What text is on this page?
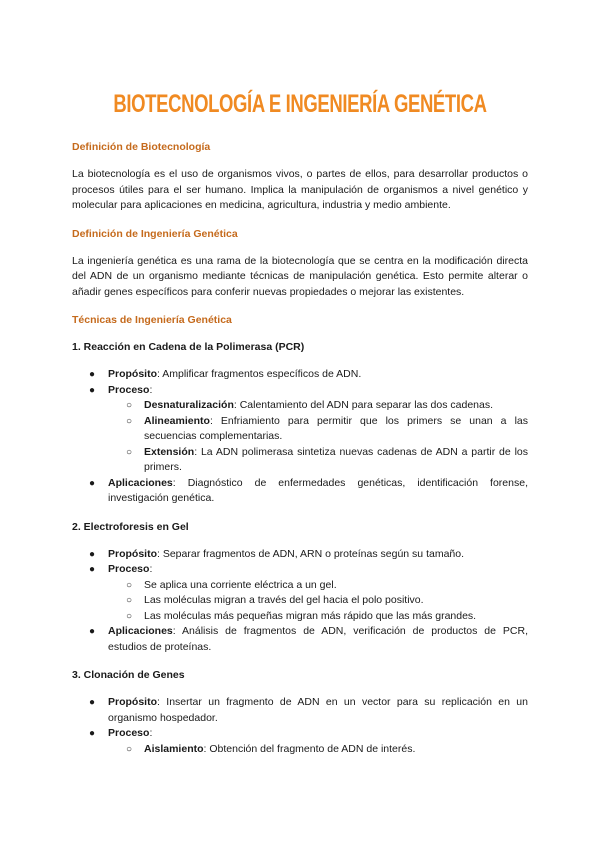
BIOTECNOLOGÍA E INGENIERÍA GENÉTICA
Definición de Biotecnología

La biotecnología es el uso de organismos vivos, o partes de ellos, para desarrollar productos o procesos útiles para el ser humano. Implica la manipulación de organismos a nivel genético y molecular para aplicaciones en medicina, agricultura, industria y medio ambiente.

Definición de Ingeniería Genética

La ingeniería genética es una rama de la biotecnología que se centra en la modificación directa del ADN de un organismo mediante técnicas de manipulación genética. Esto permite alterar o añadir genes específicos para conferir nuevas propiedades o mejorar las existentes.

Técnicas de Ingeniería Genética
1. Reacción en Cadena de la Polimerasa (PCR)
● Propósito: Amplificar fragmentos específicos de ADN.
● Proceso:
○ Desnaturalización: Calentamiento del ADN para separar las dos cadenas.
○ Alineamiento: Enfriamiento para permitir que los primers se unan a las secuencias complementarias.
○ Extensión: La ADN polimerasa sintetiza nuevas cadenas de ADN a partir de los primers.
● Aplicaciones: Diagnóstico de enfermedades genéticas, identificación forense, investigación genética.
2. Electroforesis en Gel
● Propósito: Separar fragmentos de ADN, ARN o proteínas según su tamaño.
● Proceso:
○ Se aplica una corriente eléctrica a un gel.
○ Las moléculas migran a través del gel hacia el polo positivo.
○ Las moléculas más pequeñas migran más rápido que las más grandes.
● Aplicaciones: Análisis de fragmentos de ADN, verificación de productos de PCR, estudios de proteínas.
3. Clonación de Genes
● Propósito: Insertar un fragmento de ADN en un vector para su replicación en un organismo hospedador.
● Proceso:
○ Aislamiento: Obtención del fragmento de ADN de interés.
